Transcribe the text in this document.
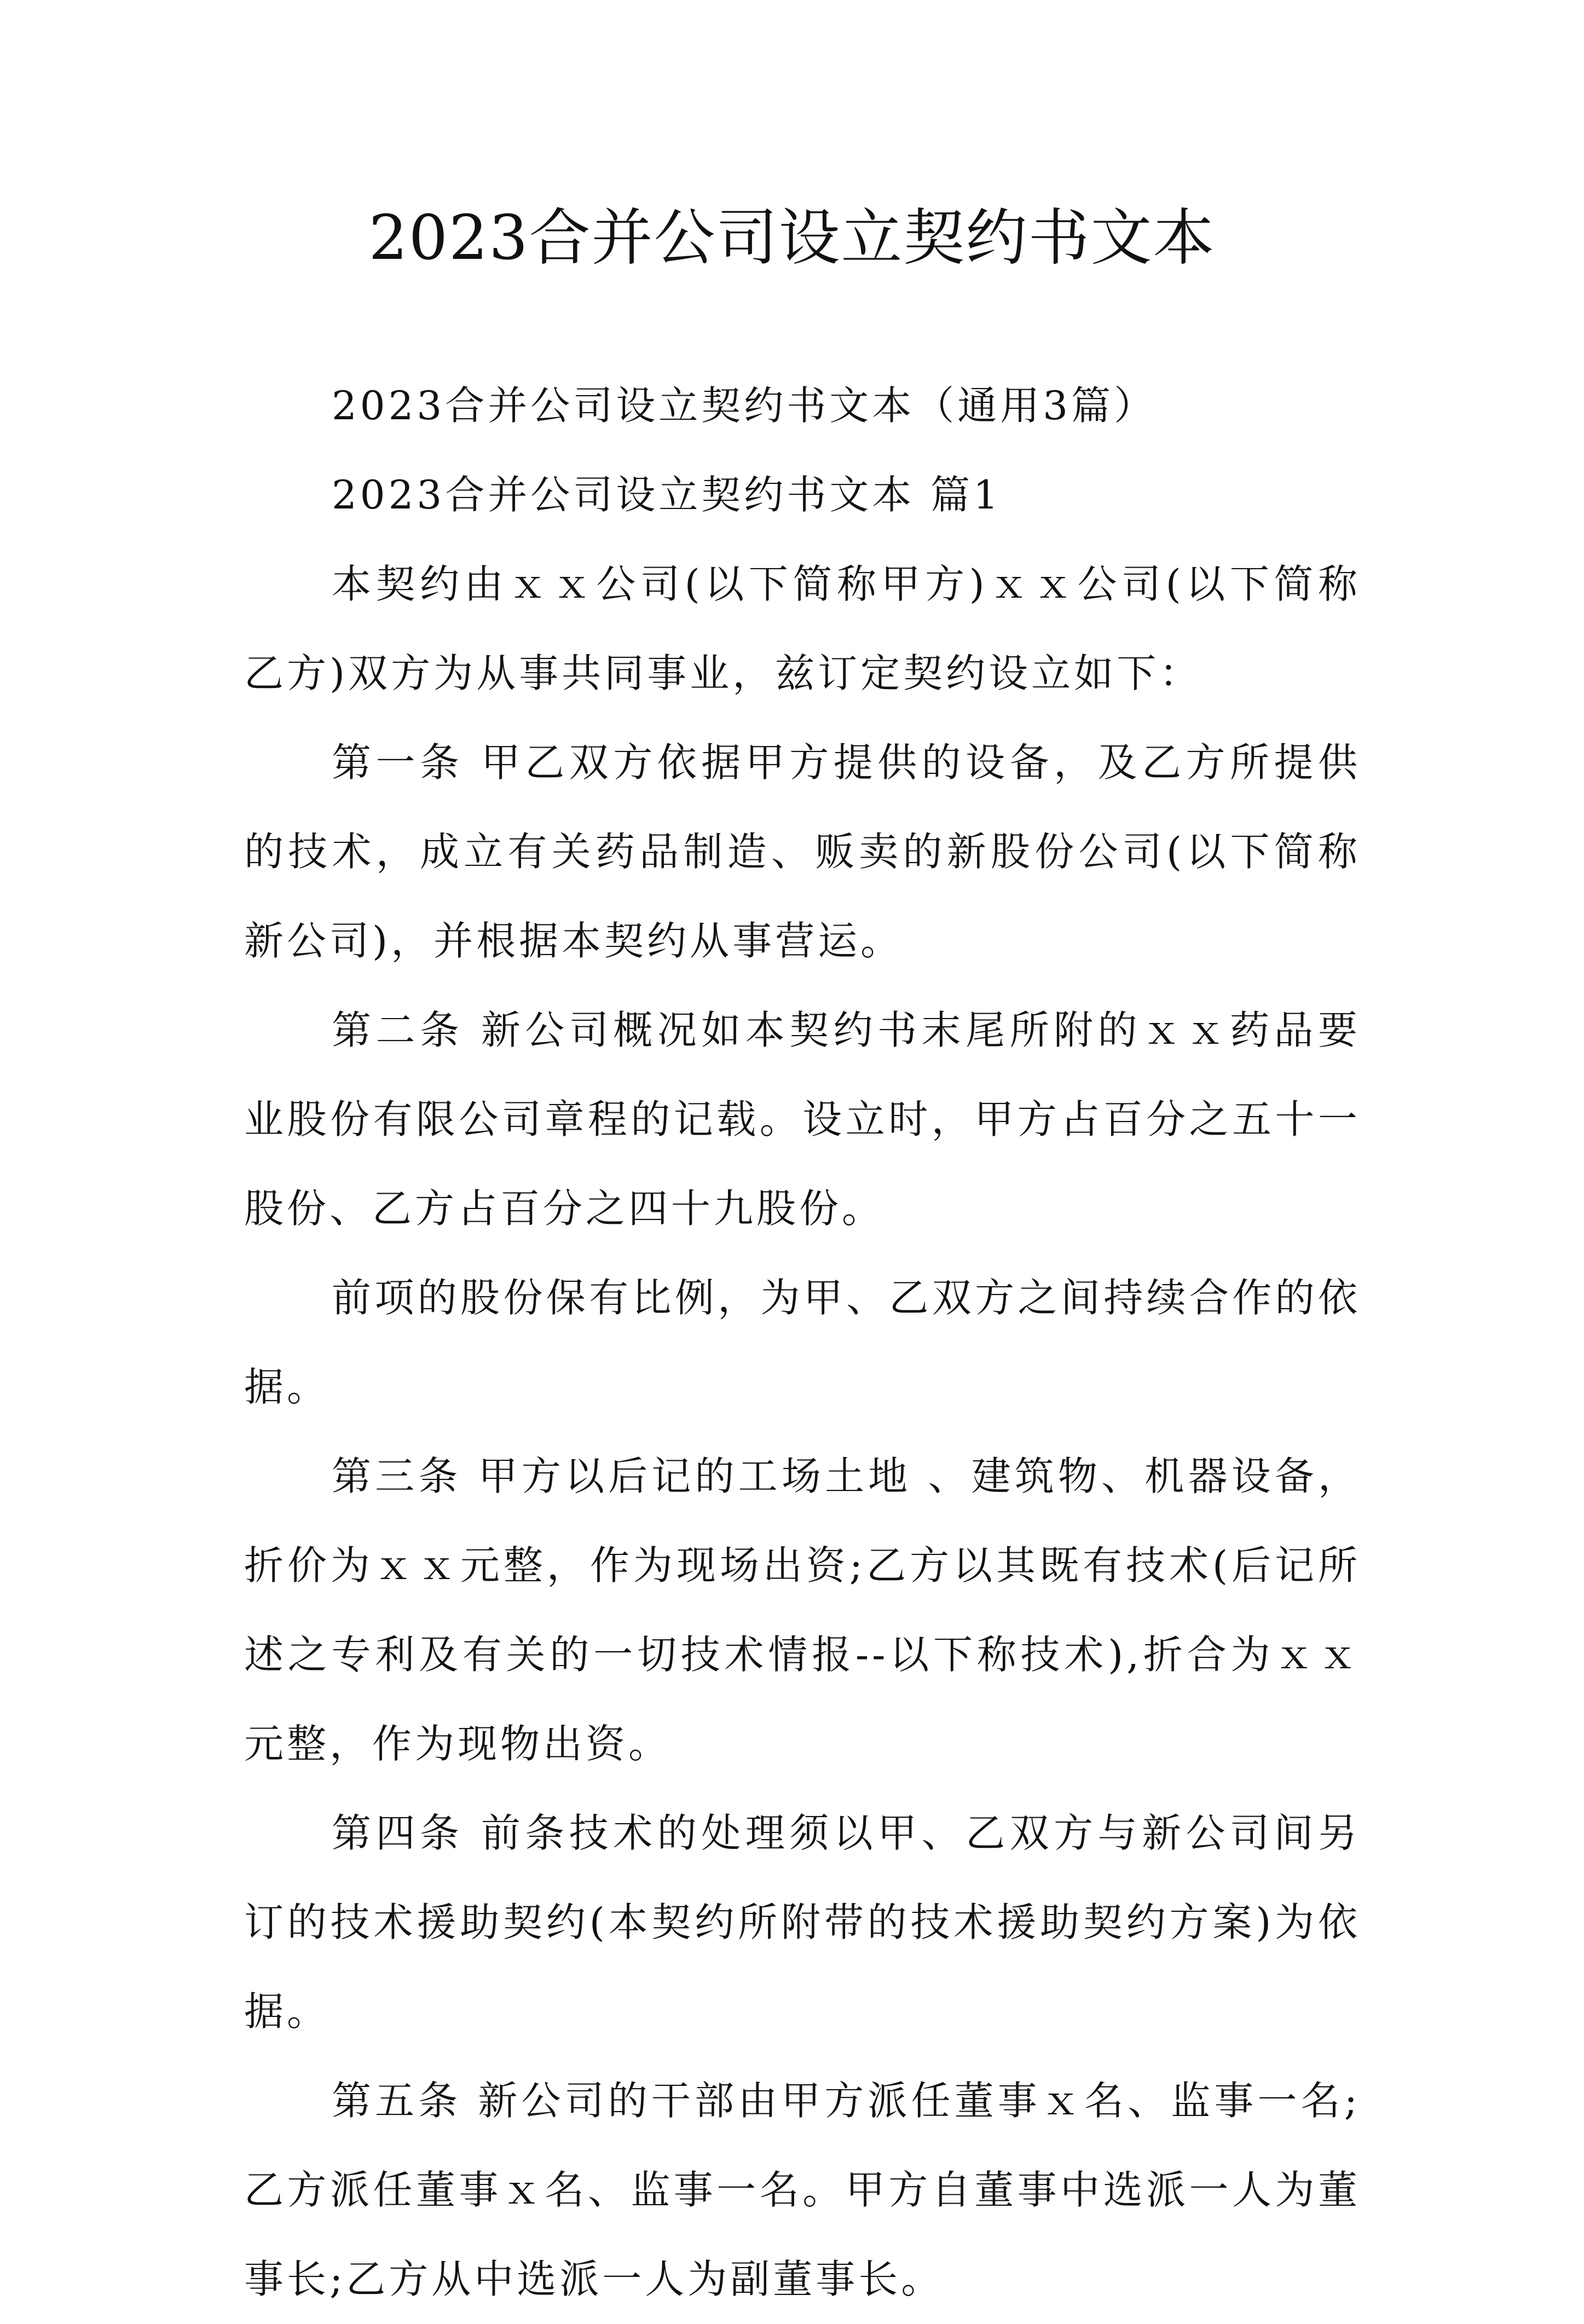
2023合并公司设立契约书文本

2023合并公司设立契约书文本（通用3篇）

2023合并公司设立契约书文本 篇1

本契约由ｘｘ公司(以下简称甲方)ｘｘ公司(以下简称乙方)双方为从事共同事业，兹订定契约设立如下：

第一条 甲乙双方依据甲方提供的设备，及乙方所提供的技术，成立有关药品制造、贩卖的新股份公司(以下简称新公司)，并根据本契约从事营运。

第二条 新公司概况如本契约书末尾所附的ｘｘ药品要业股份有限公司章程的记载。设立时，甲方占百分之五十一股份、乙方占百分之四十九股份。

前项的股份保有比例，为甲、乙双方之间持续合作的依据。

第三条 甲方以后记的工场土地 、建筑物、机器设备，折价为ｘｘ元整，作为现场出资;乙方以其既有技术(后记所述之专利及有关的一切技术情报--以下称技术),折合为ｘｘ元整，作为现物出资。

第四条 前条技术的处理须以甲、乙双方与新公司间另订的技术援助契约(本契约所附带的技术援助契约方案)为依据。

第五条 新公司的干部由甲方派任董事ｘ名、监事一名;乙方派任董事ｘ名、监事一名。甲方自董事中选派一人为董事长;乙方从中选派一人为副董事长。
